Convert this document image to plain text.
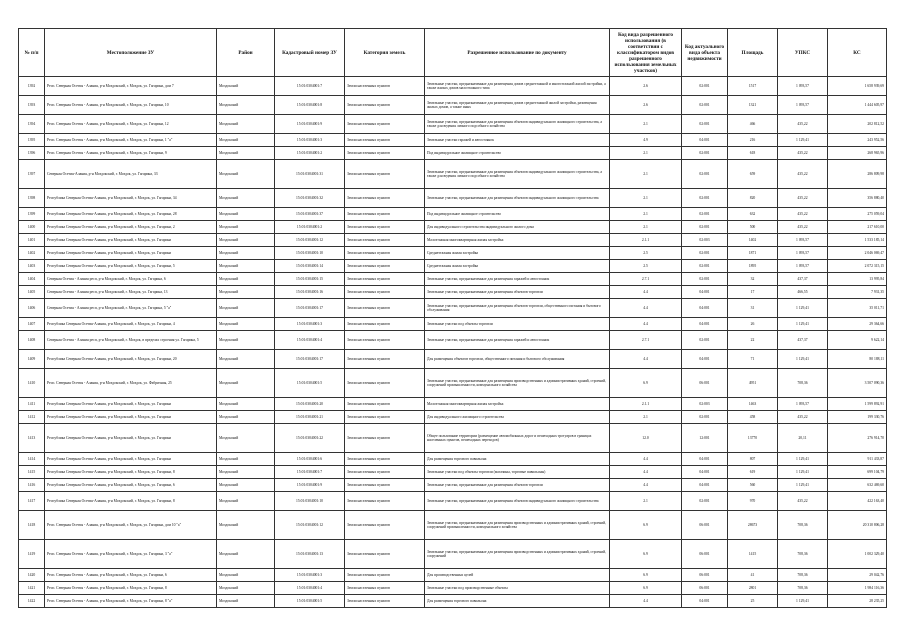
№ п/п	Местоположение ЗУ	Район	Кадастровый номер ЗУ	Категория земель	Разрешенное использование по документу	Код вида разрешенного использования (в соответствии с классификатором видов разрешенного использования земельных участков)	Код актуального вида объекта недвижимости	Площадь	УПКС	КС
1392	Респ. Северная Осетия - Алания, р-н Моздокский, г. Моздок, ул. Гагарина, дом 7	Моздокский	15:01:0304001:7	Земли населенных пунктов	Земельные участки, предназначенные для размещения домов среднеэтажной и многоэтажной жилой застройки, а также жилых домов малоэтажного типа	2.6	02:001	1517	1 093,57	1 658 939,69
1393	Респ. Северная Осетия - Алания, р-н Моздокский, г. Моздок, ул. Гагарина, 10	Моздокский	15:01:0304001:8	Земли населенных пунктов	Земельные участки, предназначенные для размещения домов среднеэтажной жилой застройки, размещения жилых домов, а также иных	2.6	02:001	1321	1 093,57	1 444 605,97
1394	Респ. Северная Осетия - Алания, р-н Моздокский, г. Моздок, ул. Гагарина, 12	Моздокский	15:01:0304001:9	Земли населенных пунктов	Земельные участки, предназначенные для размещения объектов индивидуального жилищного строительства, а также для ведения личного подсобного хозяйства	2.1	02:001	466	435,22	202 812,52
1395	Респ. Северная Осетия - Алания, р-н Моздокский, г. Моздок, ул. Гагарина, 1 "а"	Моздокский	15:01:0304001:3	Земли населенных пунктов	Земельные участки гаражей и автостоянок	4.9	04:001	216	1 129,41	243 952,56
1396	Респ. Северная Осетия - Алания, р-н Моздокский, г. Моздок, ул. Гагарина, 9	Моздокский	15:01:0304001:2	Земли населенных пунктов	Под индивидуальное жилищное строительство	2.1	02:001	618	435,22	268 965,96
1397	Северная Осетия-Алания, р-н Моздокский, г. Моздок, ул. Гагарина, 33	Моздокский	15:01:0304001:31	Земли населенных пунктов	Земельные участки, предназначенные для размещения объектов индивидуального жилищного строительства, а также для ведения личного подсобного хозяйства	2.1	02:001	659	435,22	286 809,98
1398	Республика Северная Осетия-Алания, р-н Моздокский, г. Моздок, ул. Гагарина, 34	Моздокский	15:01:0304001:32	Земли населенных пунктов	Земельные участки, предназначенные для размещения объектов индивидуального жилищного строительства	2.1	02:001	820	435,22	356 880,40
1399	Республика Северная Осетия-Алания, р-н Моздокский, г. Моздок, ул. Гагарина, 28	Моздокский	15:01:0304001:37	Земли населенных пунктов	Под индивидуальное жилищное строительство	2.1	02:001	632	435,22	275 059,04
1400	Республика Северная Осетия-Алания, р-н Моздокский, г. Моздок, ул. Гагарина, 2	Моздокский	15:01:0304001:2	Земли населенных пунктов	Для индивидуального строительства индивидуального жилого дома	2.1	02:001	500	435,22	217 610,00
1401	Республика Северная Осетия-Алания, р-н Моздокский, г. Моздок, ул. Гагарина	Моздокский	15:01:0304001:12	Земли населенных пунктов	Малоэтажная многоквартирная жилая застройка	2.1.1	02:003	1402	1 093,57	1 533 185,14
1402	Республика Северная Осетия-Алания, р-н Моздокский, г. Моздок, ул. Гагарина	Моздокский	15:01:0304001:10	Земли населенных пунктов	Среднеэтажная жилая застройка	2.5	02:001	1871	1 093,57	2 046 069,47
1403	Республика Северная Осетия-Алания, р-н Моздокский, г. Моздок, ул. Гагарина, 5	Моздокский	15:01:0304001:14	Земли населенных пунктов	Среднеэтажная жилая застройка	2.5	02:001	1895	1 093,57	2 072 315,15
1404	Северная Осетия - Алания респ, р-н Моздокский, г. Моздок, ул. Гагарина, 6	Моздокский	15:01:0304001:15	Земли населенных пунктов	Земельные участки, предназначенные для размещения гаражей и автостоянок	2.7.1	02:001	32	437,37	13 995,84
1405	Северная Осетия - Алания респ, р-н Моздокский, г. Моздок, ул. Гагарина, 13	Моздокский	15:01:0304001:16	Земли населенных пунктов	Земельные участки, предназначенные для размещения объектов торговли	4.4	04:001	17	466,55	7 931,35
1406	Северная Осетия - Алания респ, р-н Моздокский, г. Моздок, ул. Гагарина, 5 "а"	Моздокский	15:01:0304001:17	Земли населенных пунктов	Земельные участки, предназначенные для размещения объектов торговли, общественного питания и бытового обслуживания	4.4	04:001	31	1 129,41	35 011,71
1407	Республика Северная Осетия-Алания, р-н Моздокский, г. Моздок, ул. Гагарина, 4	Моздокский	15:01:0304001:3	Земли населенных пунктов	Земельные участки под объекты торговли	4.4	04:001	26	1 129,41	29 364,66
1408	Северная Осетия - Алания респ, р-н Моздокский, г. Моздок, в пределах строения ул. Гагарина, 5	Моздокский	15:01:0304001:4	Земли населенных пунктов	Земельные участки, предназначенные для размещения гаражей и автостоянок	2.7.1	02:001	22	437,37	9 622,14
1409	Республика Северная Осетия-Алания, р-н Моздокский, г. Моздок, ул. Гагарина, 20	Моздокский	15:01:0304001:17	Земли населенных пунктов	Для размещения объектов торговли, общественного питания и бытового обслуживания	4.4	04:001	71	1 129,41	80 188,11
1410	Респ. Северная Осетия - Алания, р-н Моздокский, г. Моздок, ул. Фабричная, 25	Моздокский	15:01:0304001:5	Земли населенных пунктов	Земельные участки, предназначенные для размещения производственных и административных зданий, строений, сооружений промышленности, коммунального хозяйства	6.9	06:001	4951	708,36	3 507 090,36
1411	Республика Северная Осетия-Алания, р-н Моздокский, г. Моздок, ул. Гагарина	Моздокский	15:01:0304001:20	Земли населенных пунктов	Малоэтажная многоквартирная жилая застройка	2.1.1	02:003	1463	1 093,57	1 599 892,91
1412	Республика Северная Осетия-Алания, р-н Моздокский, г. Моздок, ул. Гагарина	Моздокский	15:01:0304001:21	Земли населенных пунктов	Для индивидуального жилищного строительства	2.1	02:001	458	435,22	199 330,76
1413	Республика Северная Осетия-Алания, р-н Моздокский, г. Моздок, ул. Гагарина	Моздокский	15:01:0304001:22	Земли населенных пунктов	Общее пользование территории (размещение автомобильных дорог и пешеходных тротуаров в границах населенных пунктов, пешеходных переходов)	12.0	12:001	13770	20,11	276 914,70
1414	Республика Северная Осетия-Алания, р-н Моздокский, г. Моздок, ул. Гагарина	Моздокский	15:01:0304001:6	Земли населенных пунктов	Для размещения торгового павильона	4.4	04:001	807	1 129,41	911 433,87
1415	Республика Северная Осетия-Алания, р-н Моздокский, г. Моздок, ул. Гагарина, 8	Моздокский	15:01:0304001:7	Земли населенных пунктов	Земельные участки под объекты торговли (магазины, торговые павильоны)	4.4	04:001	619	1 129,41	699 104,79
1416	Республика Северная Осетия-Алания, р-н Моздокский, г. Моздок, ул. Гагарина, 6	Моздокский	15:01:0304001:9	Земли населенных пунктов	Земельные участки, предназначенные для размещения объектов торговли	4.4	04:001	560	1 129,41	632 469,60
1417	Республика Северная Осетия-Алания, р-н Моздокский, г. Моздок, ул. Гагарина, 8	Моздокский	15:01:0304001:10	Земли населенных пунктов	Земельные участки, предназначенные для размещения объектов индивидуального жилищного строительства	2.1	02:001	970	435,22	422 163,40
1418	Респ. Северная Осетия - Алания, р-н Моздокский, г. Моздок, ул. Гагарина, дом 10 "а"	Моздокский	15:01:0304001:12	Земли населенных пунктов	Земельные участки, предназначенные для размещения производственных и административных зданий, строений, сооружений промышленности, коммунального хозяйства	6.9	06:001	28673	708,36	20 310 806,28
1419	Респ. Северная Осетия - Алания, р-н Моздокский, г. Моздок, ул. Гагарина, 3 "а"	Моздокский	15:01:0304001:13	Земли населенных пунктов	Земельные участки, предназначенные для размещения производственных и административных зданий, строений, сооружений	6.9	06:001	1415	708,36	1 002 329,40
1420	Респ. Северная Осетия - Алания, р-н Моздокский, г. Моздок, ул. Гагарина, 6	Моздокский	15:01:0304001:3	Земли населенных пунктов	Для производственных целей	6.9	06:001	41	708,36	29 042,76
1421	Респ. Северная Осетия - Алания, р-н Моздокский, г. Моздок, ул. Гагарина, 8	Моздокский	15:01:0304001:4	Земли населенных пунктов	Земельные участки под производственные объекты	6.9	06:001	2801	708,36	1 984 116,36
1422	Респ. Северная Осетия - Алания, р-н Моздокский, г. Моздок, ул. Гагарина, 8 "а"	Моздокский	15:01:0304001:5	Земли населенных пунктов	Для размещения торгового павильона	4.4	04:001	25	1 129,41	28 235,25
